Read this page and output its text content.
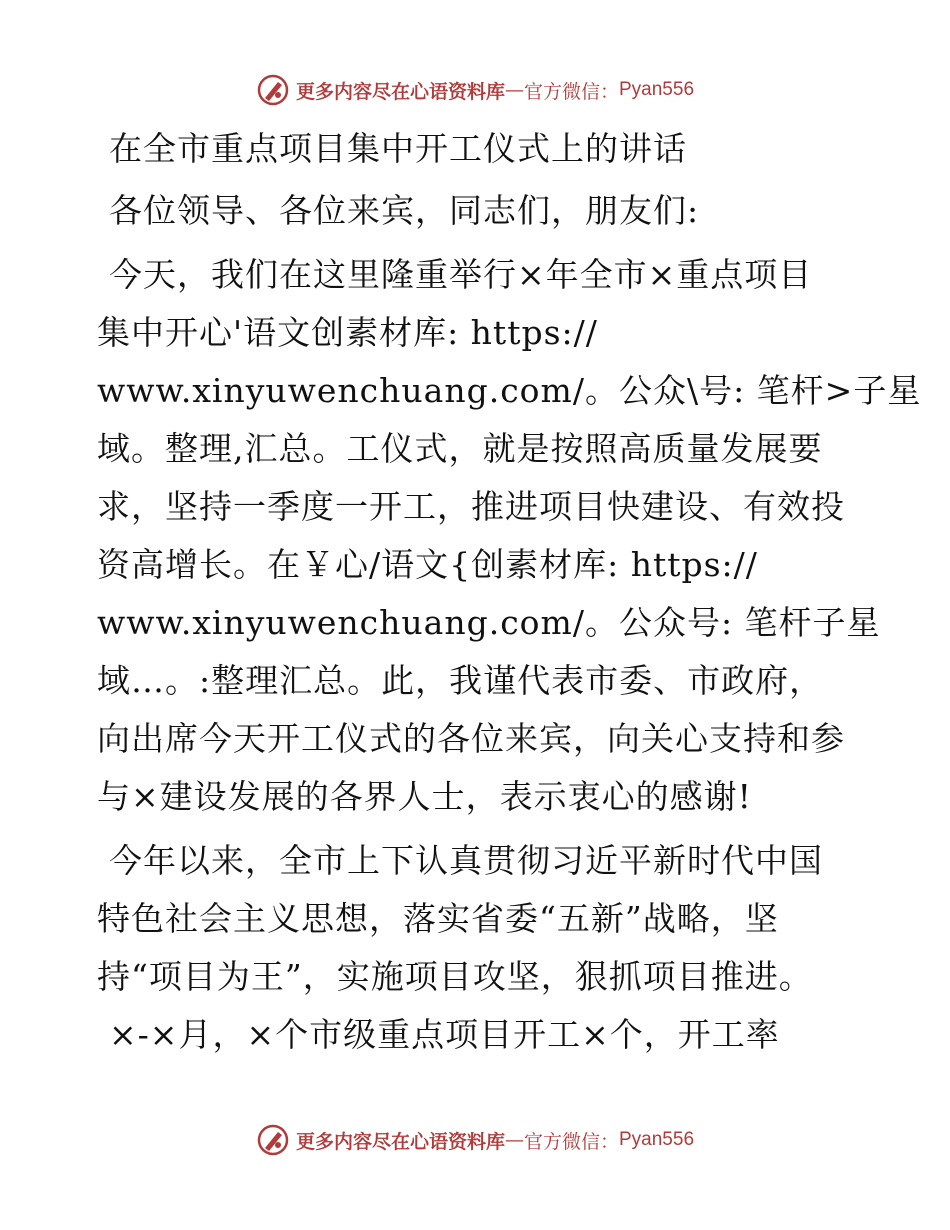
更多内容尽在心语资料库 — 官方微信： Pyan556
在全市重点项目集中开工仪式上的讲话
各位领导、各位来宾，同志们，朋友们:
今天，我们在这里隆重举行×年全市×重点项目
集中开心'语文创素材库: https://
www.xinyuwenchuang.com/。公众\号: 笔杆>子星
域。整理,汇总。工仪式，就是按照高质量发展要
求，坚持一季度一开工，推进项目快建设、有效投
资高增长。在￥心/语文{创素材库: https://
www.xinyuwenchuang.com/。公众号: 笔杆子星
域…。:整理汇总。此，我谨代表市委、市政府，
向出席今天开工仪式的各位来宾，向关心支持和参
与×建设发展的各界人士，表示衷心的感谢!
今年以来，全市上下认真贯彻习近平新时代中国
特色社会主义思想，落实省委“五新”战略，坚
持“项目为王”，实施项目攻坚，狠抓项目推进。
×-×月，×个市级重点项目开工×个，开工率
更多内容尽在心语资料库 — 官方微信： Pyan556
